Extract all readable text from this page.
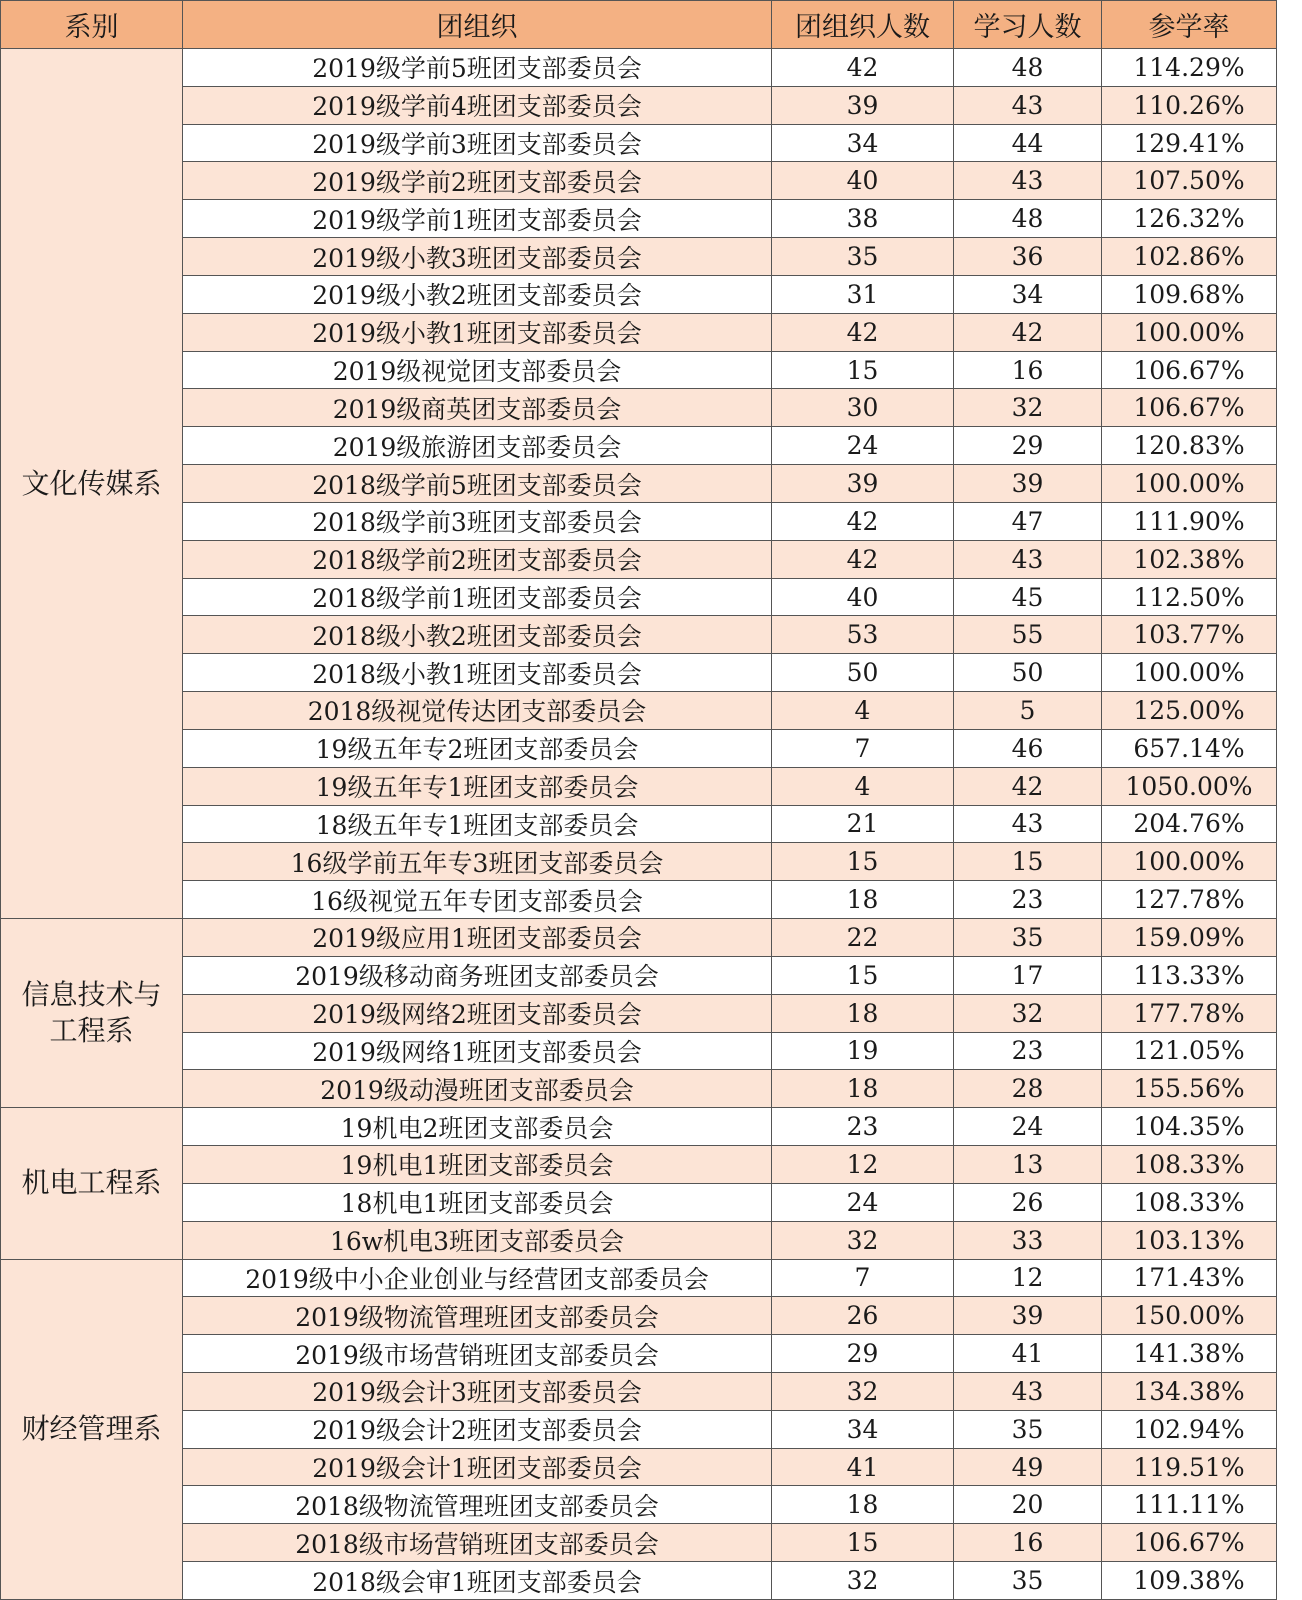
系别	团组织	团组织人数	学习人数	参学率
文化传媒系	2019级学前5班团支部委员会	42	48	114.29%
	2019级学前4班团支部委员会	39	43	110.26%
	2019级学前3班团支部委员会	34	44	129.41%
	2019级学前2班团支部委员会	40	43	107.50%
	2019级学前1班团支部委员会	38	48	126.32%
	2019级小教3班团支部委员会	35	36	102.86%
	2019级小教2班团支部委员会	31	34	109.68%
	2019级小教1班团支部委员会	42	42	100.00%
	2019级视觉团支部委员会	15	16	106.67%
	2019级商英团支部委员会	30	32	106.67%
	2019级旅游团支部委员会	24	29	120.83%
	2018级学前5班团支部委员会	39	39	100.00%
	2018级学前3班团支部委员会	42	47	111.90%
	2018级学前2班团支部委员会	42	43	102.38%
	2018级学前1班团支部委员会	40	45	112.50%
	2018级小教2班团支部委员会	53	55	103.77%
	2018级小教1班团支部委员会	50	50	100.00%
	2018级视觉传达团支部委员会	4	5	125.00%
	19级五年专2班团支部委员会	7	46	657.14%
	19级五年专1班团支部委员会	4	42	1050.00%
	18级五年专1班团支部委员会	21	43	204.76%
	16级学前五年专3班团支部委员会	15	15	100.00%
	16级视觉五年专团支部委员会	18	23	127.78%
信息技术与工程系	2019级应用1班团支部委员会	22	35	159.09%
	2019级移动商务班团支部委员会	15	17	113.33%
	2019级网络2班团支部委员会	18	32	177.78%
	2019级网络1班团支部委员会	19	23	121.05%
	2019级动漫班团支部委员会	18	28	155.56%
机电工程系	19机电2班团支部委员会	23	24	104.35%
	19机电1班团支部委员会	12	13	108.33%
	18机电1班团支部委员会	24	26	108.33%
	16w机电3班团支部委员会	32	33	103.13%
财经管理系	2019级中小企业创业与经营团支部委员会	7	12	171.43%
	2019级物流管理班团支部委员会	26	39	150.00%
	2019级市场营销班团支部委员会	29	41	141.38%
	2019级会计3班团支部委员会	32	43	134.38%
	2019级会计2班团支部委员会	34	35	102.94%
	2019级会计1班团支部委员会	41	49	119.51%
	2018级物流管理班团支部委员会	18	20	111.11%
	2018级市场营销班团支部委员会	15	16	106.67%
	2018级会审1班团支部委员会	32	35	109.38%
